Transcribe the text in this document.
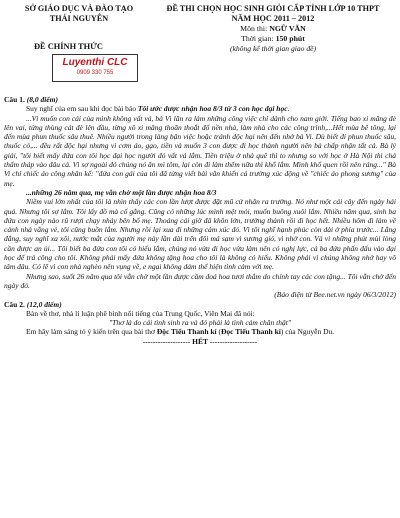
SỞ GIÁO DỤC VÀ ĐÀO TẠO
THÁI NGUYÊN
ĐỀ THI CHỌN HỌC SINH GIỎI CẤP TỈNH LỚP 10 THPT
NĂM HỌC 2011 – 2012
Môn thi: NGỮ VĂN
Thời gian: 150 phút
(không kể thời gian giao đề)
ĐỀ CHÍNH THỨC
Luyenthi CLC
0909 330 755

Câu 1. (8,0 điểm)

Suy nghĩ của em sau khi đọc bài báo Tôi ước được nhận hoa 8/3 từ 3 con học đại học.

...Vì muốn con cái của mình không vất vả, bà Vì lăn ra làm những công việc chỉ dành cho nam giới. Tiếng bao xi măng đè lên vai, từng thùng cát đè lên đầu, từng xô xi măng thoăn thoắt đổ nền nhà, làm nhà cho các công trình,...Hết mùa bê tông, lại đến mùa phun thuốc sâu thuê. Nhiều người trong làng bận việc hoặc tránh độc hại nên đến nhờ bà Vi. Dù biết đi phun thuốc sâu, thuốc cỏ,... đều rất độc hại nhưng vì cơm áo, gạo, tiền và muốn 3 con được đi học thành người nên bà chấp nhận tất cả. Bà lý giải, "tôi biết mấy đứa con tôi học đại học người đó vất vả lắm. Tiền triệu ở nhà quê thì to nhưng so với học ở Hà Nội thì chả thấm tháp vào đâu cả. Vì sợ ngoài đó chúng nó ăn mì tôm, lại còn đi làm thêm nữa thì khổ lắm. Mình khổ quen rồi nên ráng..." Bà Vi chỉ chiếc áo công nhân kể: "đứa con gái của tôi đã từng viết bài văn khiến cả trường xúc động về "chiếc áo phong sương" của mẹ.

...những 26 năm qua, mẹ vẫn chờ một lần được nhận hoa 8/3

Niềm vui lớn nhất của tôi là nhìn thấy các con lần lượt được đặt mũ cử nhân ra trường. Nó như một cái cây đến ngày hái quả. Nhưng tôi sợ lắm. Tôi lấy đồ mà cố gắng. Cũng có những lúc mình mệt mỏi, muốn buông xuôi lắm. Nhiều năm qua, sinh ba đứa con ngày nào rũ rượi chạy nhảy bên bố mẹ. Thoáng cái giờ đã khôn lớn, trưởng thành rồi đi học hết. Nhiều hôm đi làm về cảnh nhà vắng vẻ, tôi cũng buồn lắm. Nhưng rồi lại xua đi những cảm xúc đó. Vì tôi nghĩ hạnh phúc còn dài ở phía trước... Lẳng đẳng, suy nghĩ xa xôi, nước mắt của người mẹ này lần dài trên đôi má sạm vì sương gió, vì nhớ con. Và vì những phút mùi lòng cần được an ủi... Tôi biết ba đứa con tôi có hiếu lắm, chúng nó vừa đi học vừa làm nên có nghị lực, cả ba đứa phấn đấu vào đại học để trả công cho tôi. Không phải mấy đứa không tặng hoa cho tôi là không có hiếu. Không phải vì chúng không nhớ hay vô tâm đâu. Có lẽ vì con nhà nghèo nên vụng về, e ngại không dám thể hiện tình cảm với mẹ.

Nhưng sao, suốt 26 năm qua tôi vẫn chờ một lần được cầm đoá hoa tươi thắm do chính tay các con tặng... Tôi vẫn chờ đến ngày đó.

(Báo điện tử Bee.net.vn ngày 06/3/2012)

Câu 2. (12,0 điểm)

Bàn về thơ, nhà lí luận phê bình nổi tiếng của Trung Quốc, Viên Mai đã nói:

"Thơ là do cái tình sinh ra và đó phải là tình cảm chân thật"

Em hãy làm sáng tỏ ý kiến trên qua bài thơ Độc Tiểu Thanh kí (Đọc Tiểu Thanh kí) của Nguyễn Du.

------------------- HẾT -------------------
